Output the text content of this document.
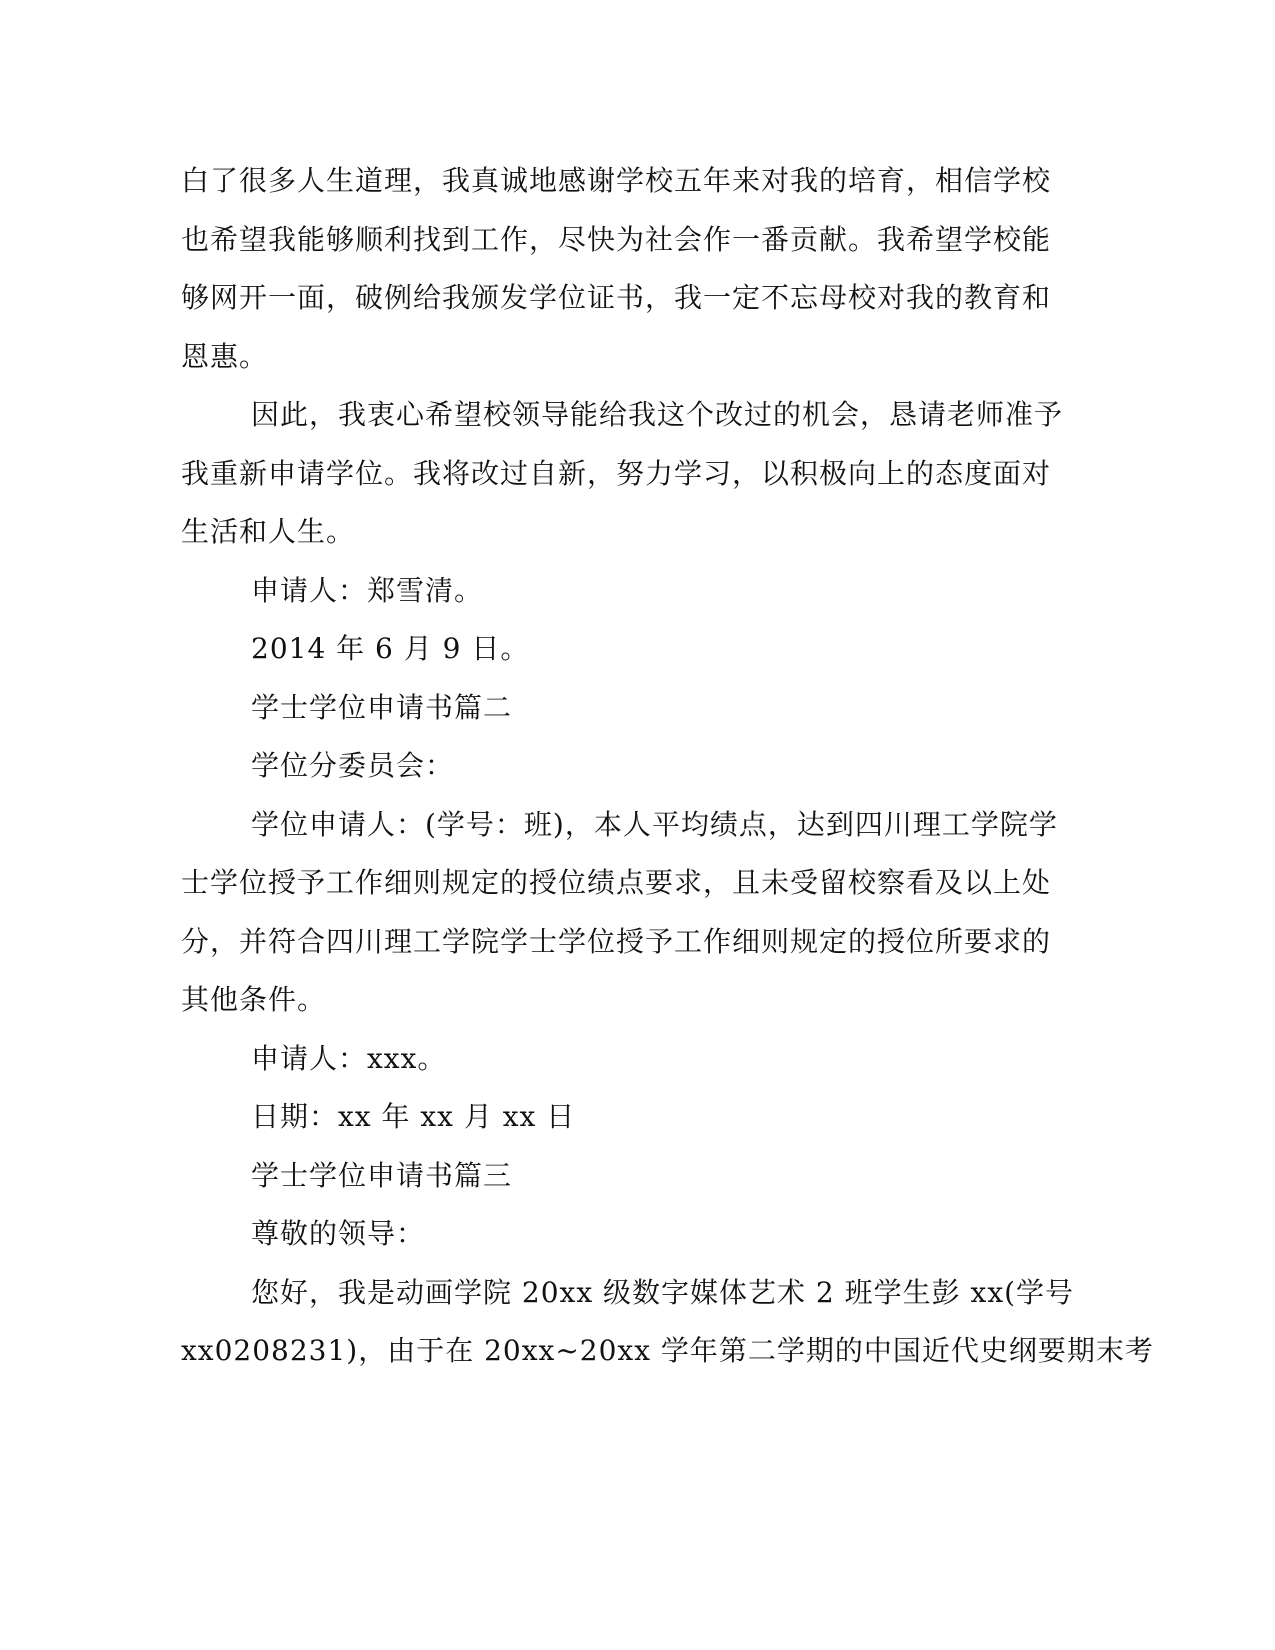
白了很多人生道理，我真诚地感谢学校五年来对我的培育，相信学校
也希望我能够顺利找到工作，尽快为社会作一番贡献。我希望学校能
够网开一面，破例给我颁发学位证书，我一定不忘母校对我的教育和
恩惠。

因此，我衷心希望校领导能给我这个改过的机会，恳请老师准予
我重新申请学位。我将改过自新，努力学习，以积极向上的态度面对
生活和人生。

申请人：郑雪清。

2014 年 6 月 9 日。

学士学位申请书篇二

学位分委员会：

学位申请人：(学号：班)，本人平均绩点，达到四川理工学院学
士学位授予工作细则规定的授位绩点要求，且未受留校察看及以上处
分，并符合四川理工学院学士学位授予工作细则规定的授位所要求的
其他条件。

申请人：xxx。

日期：xx 年 xx 月 xx 日

学士学位申请书篇三

尊敬的领导：

您好，我是动画学院 20xx 级数字媒体艺术 2 班学生彭 xx(学号
xx0208231)，由于在 20xx~20xx 学年第二学期的中国近代史纲要期末考
